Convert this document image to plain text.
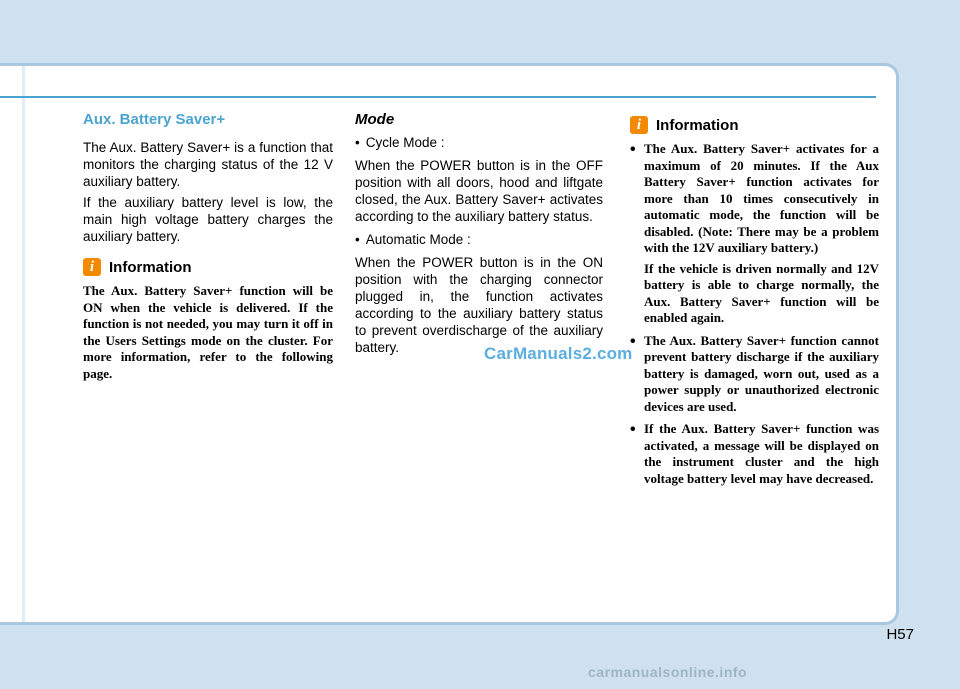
Aux. Battery Saver+

The Aux. Battery Saver+ is a function that monitors the charging status of the 12 V auxiliary battery.

If the auxiliary battery level is low, the main high voltage battery charges the auxiliary battery.

i Information

The Aux. Battery Saver+ function will be ON when the vehicle is delivered. If the function is not needed, you may turn it off in the Users Settings mode on the cluster. For more information, refer to the following page.

Mode
• Cycle Mode :

When the POWER button is in the OFF position with all doors, hood and liftgate closed, the Aux. Battery Saver+ activates according to the auxiliary battery status.

• Automatic Mode :

When the POWER button is in the ON position with the charging connector plugged in, the function activates according to the auxiliary battery status to prevent overdischarge of the auxiliary battery.

i Information

• The Aux. Battery Saver+ activates for a maximum of 20 minutes. If the Aux Battery Saver+ function activates for more than 10 times consecutively in automatic mode, the function will be disabled. (Note: There may be a problem with the 12V auxiliary battery.)

If the vehicle is driven normally and 12V battery is able to charge normally, the Aux. Battery Saver+ function will be enabled again.

• The Aux. Battery Saver+ function cannot prevent battery discharge if the auxiliary battery is damaged, worn out, used as a power supply or unauthorized electronic devices are used.

• If the Aux. Battery Saver+ function was activated, a message will be displayed on the instrument cluster and the high voltage battery level may have decreased.

CarManuals2.com
H57
carmanualsonline.info
